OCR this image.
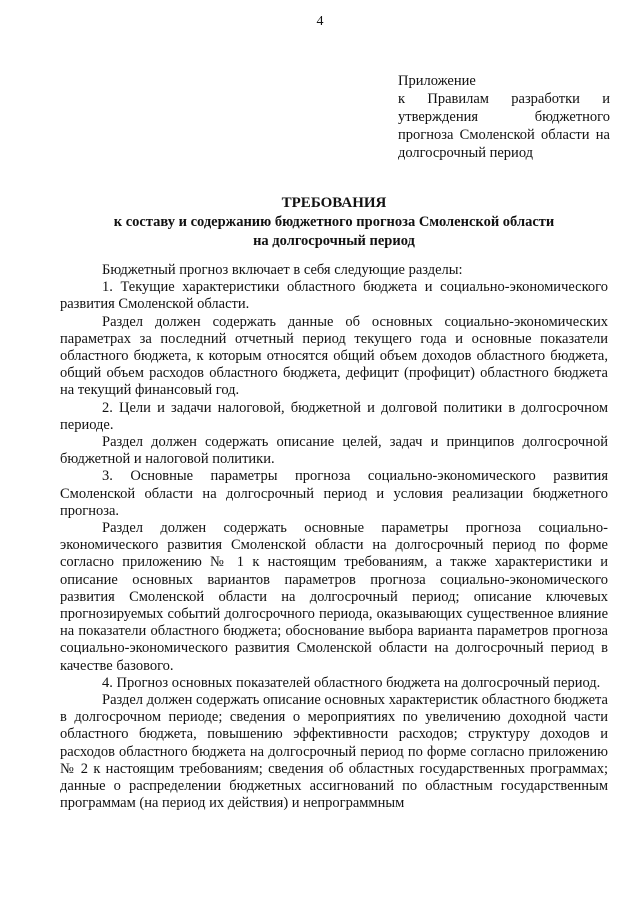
4
Приложение
к Правилам разработки и
утверждения бюджетного
прогноза Смоленской области на
долгосрочный период
ТРЕБОВАНИЯ
к составу и содержанию бюджетного прогноза Смоленской области
на долгосрочный период

Бюджетный прогноз включает в себя следующие разделы:

1. Текущие характеристики областного бюджета и социально-экономического развития Смоленской области.

Раздел должен содержать данные об основных социально-экономических параметрах за последний отчетный период текущего года и основные показатели областного бюджета, к которым относятся общий объем доходов областного бюджета, общий объем расходов областного бюджета, дефицит (профицит) областного бюджета на текущий финансовый год.

2. Цели и задачи налоговой, бюджетной и долговой политики в долгосрочном периоде.

Раздел должен содержать описание целей, задач и принципов долгосрочной бюджетной и налоговой политики.

3. Основные параметры прогноза социально-экономического развития Смоленской области на долгосрочный период и условия реализации бюджетного прогноза.

Раздел должен содержать основные параметры прогноза социально-экономического развития Смоленской области на долгосрочный период по форме согласно приложению № 1 к настоящим требованиям, а также характеристики и описание основных вариантов параметров прогноза социально-экономического развития Смоленской области на долгосрочный период; описание ключевых прогнозируемых событий долгосрочного периода, оказывающих существенное влияние на показатели областного бюджета; обоснование выбора варианта параметров прогноза социально-экономического развития Смоленской области на долгосрочный период в качестве базового.

4. Прогноз основных показателей областного бюджета на долгосрочный период.

Раздел должен содержать описание основных характеристик областного бюджета в долгосрочном периоде; сведения о мероприятиях по увеличению доходной части областного бюджета, повышению эффективности расходов; структуру доходов и расходов областного бюджета на долгосрочный период по форме согласно приложению № 2 к настоящим требованиям; сведения об областных государственных программах; данные о распределении бюджетных ассигнований по областным государственным программам (на период их действия) и непрограммным
